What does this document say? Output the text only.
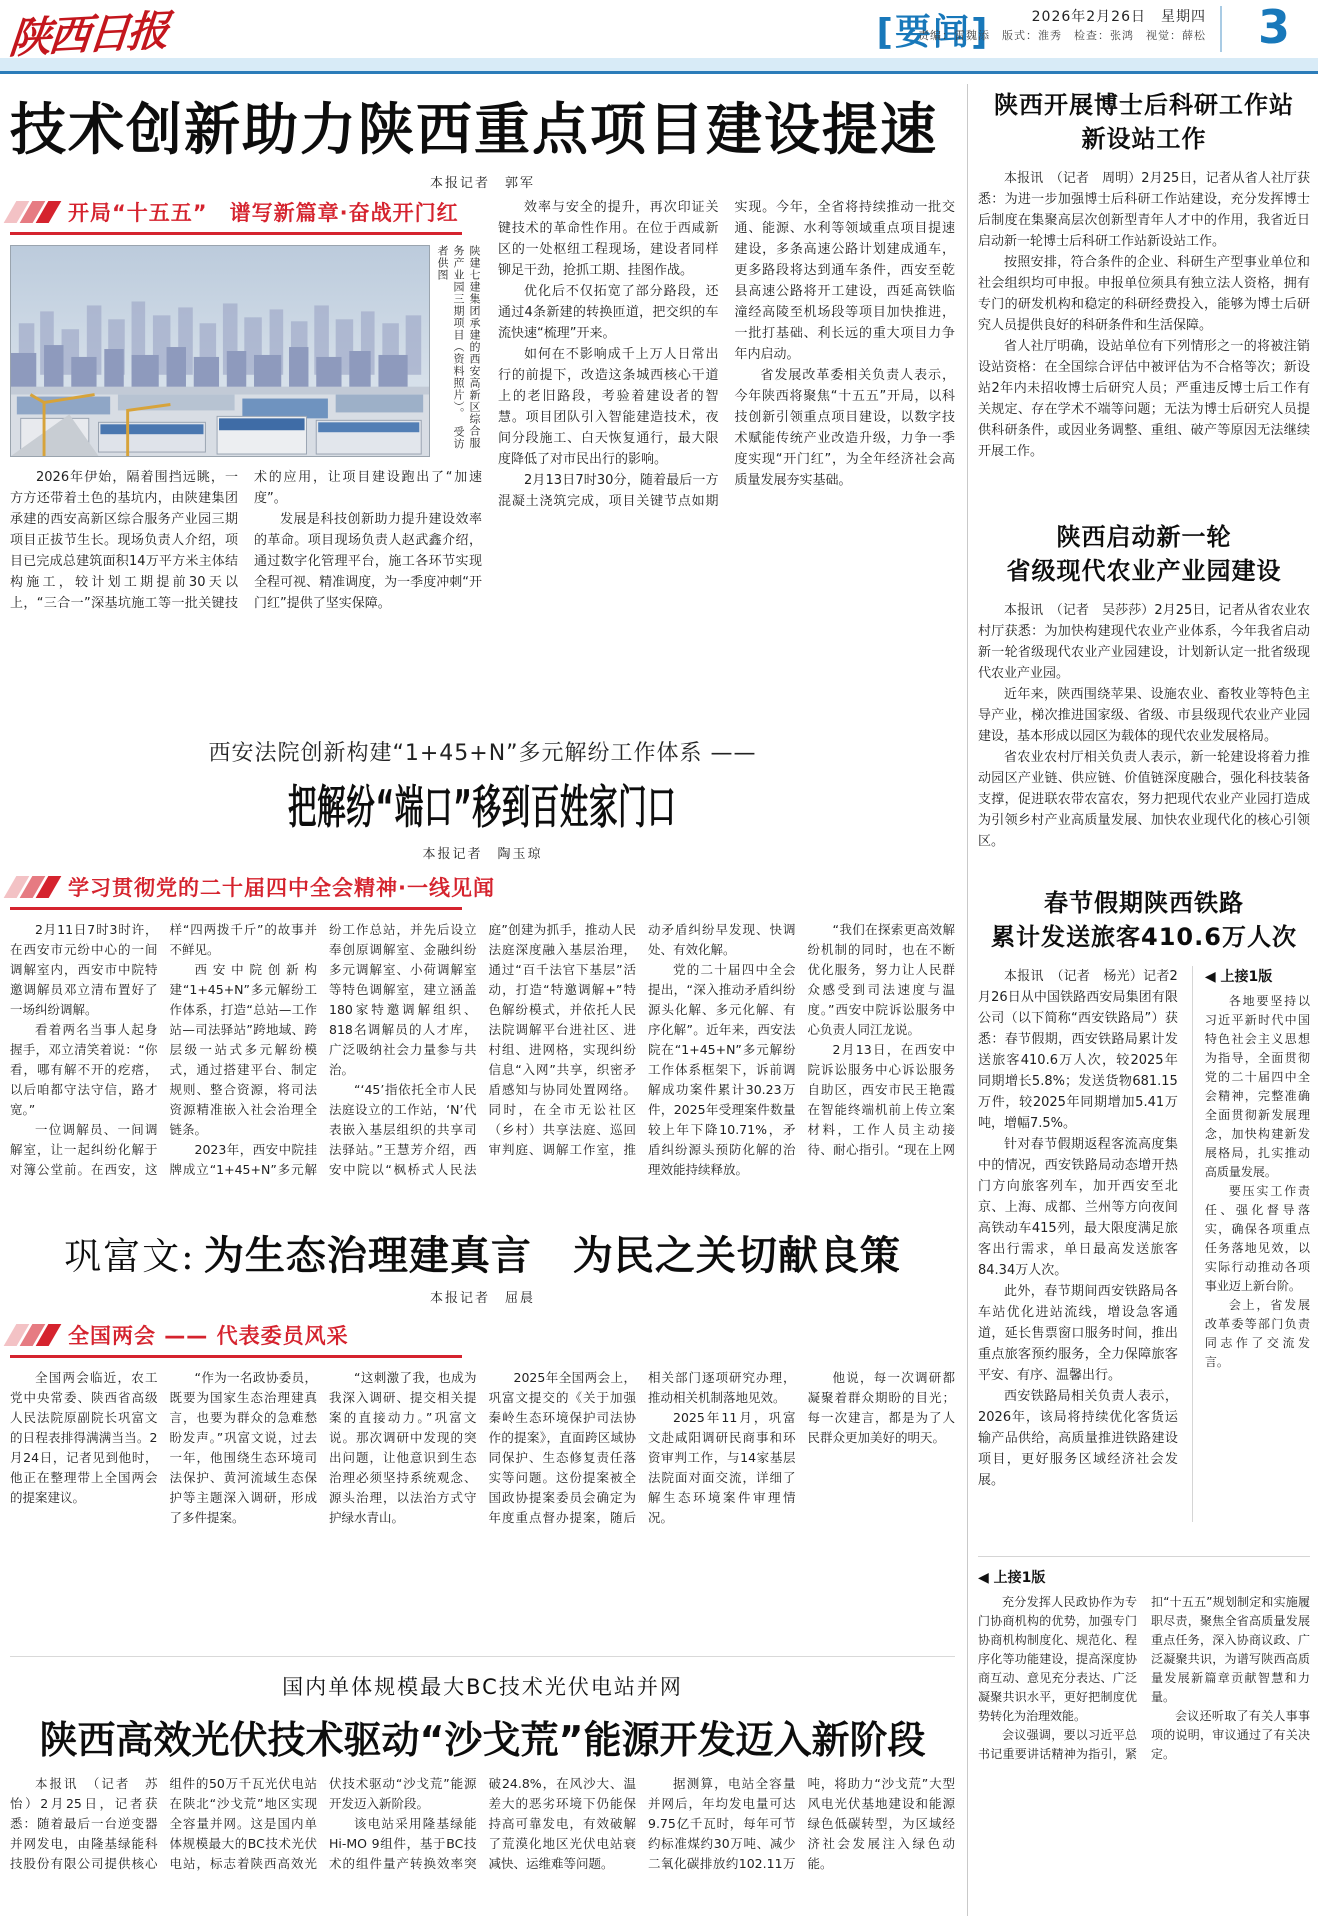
陕西日报	[要闻]	2026年2月26日　星期四
责编：雷魏添　版式：淮秀　检查：张鸿　视觉：薛松 3
技术创新助力陕西重点项目建设提速
本报记者　郭军
开局“十五五”　谱写新篇章·奋战开门红
陕建七建集团承建的西安高新区综合服务产业园三期项目（资料照片）。　受访者供图

2026年伊始，隔着围挡远眺，一方方还带着土色的基坑内，由陕建集团承建的西安高新区综合服务产业园三期项目正拔节生长。现场负责人介绍，项目已完成总建筑面积14万平方米主体结构施工，较计划工期提前30天以上，“三合一”深基坑施工等一批关键技术的应用，让项目建设跑出了“加速度”。

发展是科技创新助力提升建设效率的革命。项目现场负责人赵武鑫介绍，通过数字化管理平台，施工各环节实现全程可视、精准调度，为一季度冲刺“开门红”提供了坚实保障。

效率与安全的提升，再次印证关键技术的革命性作用。在位于西咸新区的一处枢纽工程现场，建设者同样铆足干劲，抢抓工期、挂图作战。

优化后不仅拓宽了部分路段，还通过4条新建的转换匝道，把交织的车流快速“梳理”开来。

如何在不影响成千上万人日常出行的前提下，改造这条城西核心干道上的老旧路段，考验着建设者的智慧。项目团队引入智能建造技术，夜间分段施工、白天恢复通行，最大限度降低了对市民出行的影响。

2月13日7时30分，随着最后一方混凝土浇筑完成，项目关键节点如期实现。今年，全省将持续推动一批交通、能源、水利等领域重点项目提速建设，多条高速公路计划建成通车，更多路段将达到通车条件，西安至乾县高速公路将开工建设，西延高铁临潼经高陵至机场段等项目加快推进，一批打基础、利长远的重大项目力争年内启动。

省发展改革委相关负责人表示，今年陕西将聚焦“十五五”开局，以科技创新引领重点项目建设，以数字技术赋能传统产业改造升级，力争一季度实现“开门红”，为全年经济社会高质量发展夯实基础。

西安法院创新构建“1+45+N”多元解纷工作体系 ——
把解纷“端口”移到百姓家门口
本报记者　陶玉琼
学习贯彻党的二十届四中全会精神·一线见闻

2月11日7时3时许，在西安市元纷中心的一间调解室内，西安市中院特邀调解员邓立清布置好了一场纠纷调解。

看着两名当事人起身握手，邓立清笑着说：“你看，哪有解不开的疙瘩，以后咱都守法守信，路才宽。”

一位调解员、一间调解室，让一起纠纷化解于对簿公堂前。在西安，这样“四两拨千斤”的故事并不鲜见。

西安中院创新构建“1+45+N”多元解纷工作体系，打造“总站—工作站—司法驿站”跨地域、跨层级一站式多元解纷模式，通过搭建平台、制定规则、整合资源，将司法资源精准嵌入社会治理全链条。

2023年，西安中院挂牌成立“1+45+N”多元解纷工作总站，并先后设立奉创原调解室、金融纠纷多元调解室、小荷调解室等特色调解室，建立涵盖180家特邀调解组织、818名调解员的人才库，广泛吸纳社会力量参与共治。

“‘45’指依托全市人民法庭设立的工作站，‘N’代表嵌入基层组织的共享司法驿站。”王慧芳介绍，西安中院以“枫桥式人民法庭”创建为抓手，推动人民法庭深度融入基层治理，通过“百千法官下基层”活动，打造“特邀调解+”特色解纷模式，并依托人民法院调解平台进社区、进村组、进网格，实现纠纷信息“入网”共享，织密矛盾感知与协同处置网络。同时，在全市无讼社区（乡村）共享法庭、巡回审判庭、调解工作室，推动矛盾纠纷早发现、快调处、有效化解。

党的二十届四中全会提出，“深入推动矛盾纠纷源头化解、多元化解、有序化解”。近年来，西安法院在“1+45+N”多元解纷工作体系框架下，诉前调解成功案件累计30.23万件，2025年受理案件数量较上年下降10.71%，矛盾纠纷源头预防化解的治理效能持续释放。

“我们在探索更高效解纷机制的同时，也在不断优化服务，努力让人民群众感受到司法速度与温度。”西安中院诉讼服务中心负责人同江龙说。

2月13日，在西安中院诉讼服务中心诉讼服务自助区，西安市民王艳霞在智能终端机前上传立案材料，工作人员主动接待、耐心指引。“现在上网

巩富文: 为生态治理建真言　为民之关切献良策
本报记者　屈晨
全国两会 —— 代表委员风采

全国两会临近，农工党中央常委、陕西省高级人民法院原副院长巩富文的日程表排得满满当当。2月24日，记者见到他时，他正在整理带上全国两会的提案建议。

“作为一名政协委员，既要为国家生态治理建真言，也要为群众的急难愁盼发声。”巩富文说，过去一年，他围绕生态环境司法保护、黄河流域生态保护等主题深入调研，形成了多件提案。

“这刺激了我，也成为我深入调研、提交相关提案的直接动力。”巩富文说。那次调研中发现的突出问题，让他意识到生态治理必须坚持系统观念、源头治理，以法治方式守护绿水青山。

2025年全国两会上，巩富文提交的《关于加强秦岭生态环境保护司法协作的提案》，直面跨区域协同保护、生态修复责任落实等问题。这份提案被全国政协提案委员会确定为年度重点督办提案，随后相关部门逐项研究办理，推动相关机制落地见效。

2025年11月，巩富文赴咸阳调研民商事和环资审判工作，与14家基层法院面对面交流，详细了解生态环境案件审理情况。

他说，每一次调研都凝聚着群众期盼的目光；每一次建言，都是为了人民群众更加美好的明天。

国内单体规模最大BC技术光伏电站并网
陕西高效光伏技术驱动“沙戈荒”能源开发迈入新阶段

本报讯　（记者　苏怡）2月25日，记者获悉：随着最后一台逆变器并网发电，由隆基绿能科技股份有限公司提供核心组件的50万千瓦光伏电站在陕北“沙戈荒”地区实现全容量并网。这是国内单体规模最大的BC技术光伏电站，标志着陕西高效光伏技术驱动“沙戈荒”能源开发迈入新阶段。

该电站采用隆基绿能Hi-MO 9组件，基于BC技术的组件量产转换效率突破24.8%，在风沙大、温差大的恶劣环境下仍能保持高可靠发电，有效破解了荒漠化地区光伏电站衰减快、运维难等问题。

据测算，电站全容量并网后，年均发电量可达9.75亿千瓦时，每年可节约标准煤约30万吨、减少二氧化碳排放约102.11万吨，将助力“沙戈荒”大型风电光伏基地建设和能源绿色低碳转型，为区域经济社会发展注入绿色动能。

陕西开展博士后科研工作站
新设站工作

本报讯　（记者　周明）2月25日，记者从省人社厅获悉：为进一步加强博士后科研工作站建设，充分发挥博士后制度在集聚高层次创新型青年人才中的作用，我省近日启动新一轮博士后科研工作站新设站工作。

按照安排，符合条件的企业、科研生产型事业单位和社会组织均可申报。申报单位须具有独立法人资格，拥有专门的研发机构和稳定的科研经费投入，能够为博士后研究人员提供良好的科研条件和生活保障。

省人社厅明确，设站单位有下列情形之一的将被注销设站资格：在全国综合评估中被评估为不合格等次；新设站2年内未招收博士后研究人员；严重违反博士后工作有关规定、存在学术不端等问题；无法为博士后研究人员提供科研条件，或因业务调整、重组、破产等原因无法继续开展工作。

陕西启动新一轮
省级现代农业产业园建设

本报讯　（记者　吴莎莎）2月25日，记者从省农业农村厅获悉：为加快构建现代农业产业体系，今年我省启动新一轮省级现代农业产业园建设，计划新认定一批省级现代农业产业园。

近年来，陕西围绕苹果、设施农业、畜牧业等特色主导产业，梯次推进国家级、省级、市县级现代农业产业园建设，基本形成以园区为载体的现代农业发展格局。

省农业农村厅相关负责人表示，新一轮建设将着力推动园区产业链、供应链、价值链深度融合，强化科技装备支撑，促进联农带农富农，努力把现代农业产业园打造成为引领乡村产业高质量发展、加快农业现代化的核心引领区。

春节假期陕西铁路
累计发送旅客410.6万人次

本报讯　（记者　杨光）记者2月26日从中国铁路西安局集团有限公司（以下简称“西安铁路局”）获悉：春节假期，西安铁路局累计发送旅客410.6万人次，较2025年同期增长5.8%；发送货物681.15万件，较2025年同期增加5.41万吨，增幅7.5%。

针对春节假期返程客流高度集中的情况，西安铁路局动态增开热门方向旅客列车，加开西安至北京、上海、成都、兰州等方向夜间高铁动车415列，最大限度满足旅客出行需求，单日最高发送旅客84.34万人次。

此外，春节期间西安铁路局各车站优化进站流线，增设急客通道，延长售票窗口服务时间，推出重点旅客预约服务，全力保障旅客平安、有序、温馨出行。

西安铁路局相关负责人表示，2026年，该局将持续优化客货运输产品供给，高质量推进铁路建设项目，更好服务区域经济社会发展。

◀ 上接1版

各地要坚持以习近平新时代中国特色社会主义思想为指导，全面贯彻党的二十届四中全会精神，完整准确全面贯彻新发展理念，加快构建新发展格局，扎实推动高质量发展。

要压实工作责任、强化督导落实，确保各项重点任务落地见效，以实际行动推动各项事业迈上新台阶。

会上，省发展改革委等部门负责同志作了交流发言。

◀ 上接1版

充分发挥人民政协作为专门协商机构的优势，加强专门协商机构制度化、规范化、程序化等功能建设，提高深度协商互动、意见充分表达、广泛凝聚共识水平，更好把制度优势转化为治理效能。

会议强调，要以习近平总书记重要讲话精神为指引，紧扣“十五五”规划制定和实施履职尽责，聚焦全省高质量发展重点任务，深入协商议政、广泛凝聚共识，为谱写陕西高质量发展新篇章贡献智慧和力量。

会议还听取了有关人事事项的说明，审议通过了有关决定。
